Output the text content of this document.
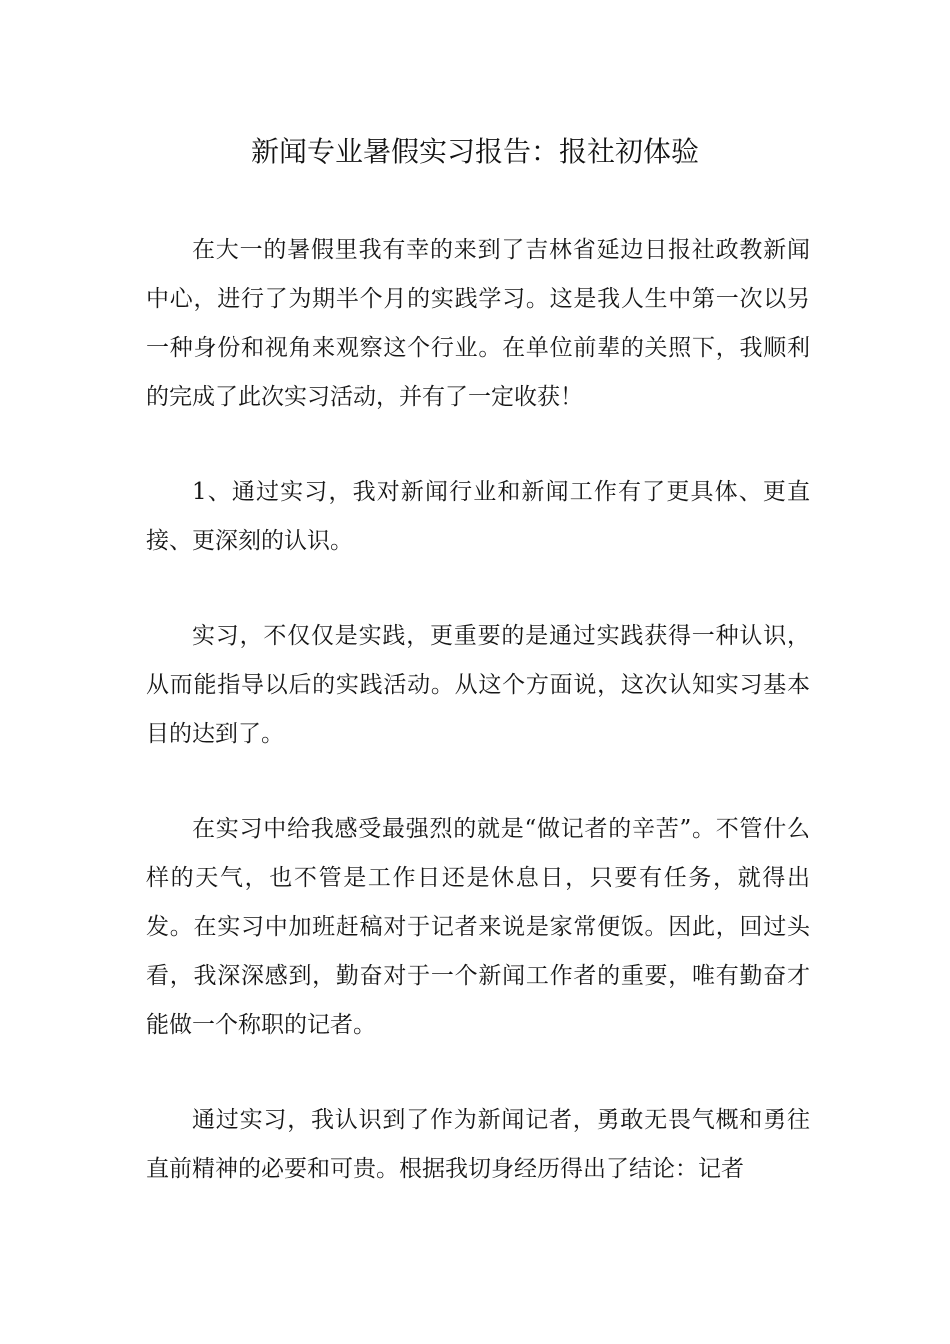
新闻专业暑假实习报告：报社初体验

在大一的暑假里我有幸的来到了吉林省延边日报社政教新闻中心，进行了为期半个月的实践学习。这是我人生中第一次以另一种身份和视角来观察这个行业。在单位前辈的关照下，我顺利的完成了此次实习活动，并有了一定收获！

1、通过实习，我对新闻行业和新闻工作有了更具体、更直接、更深刻的认识。

实习，不仅仅是实践，更重要的是通过实践获得一种认识，从而能指导以后的实践活动。从这个方面说，这次认知实习基本目的达到了。

在实习中给我感受最强烈的就是“做记者的辛苦”。不管什么样的天气，也不管是工作日还是休息日，只要有任务，就得出发。在实习中加班赶稿对于记者来说是家常便饭。因此，回过头看，我深深感到，勤奋对于一个新闻工作者的重要，唯有勤奋才能做一个称职的记者。

通过实习，我认识到了作为新闻记者，勇敢无畏气概和勇往直前精神的必要和可贵。根据我切身经历得出了结论：记者
